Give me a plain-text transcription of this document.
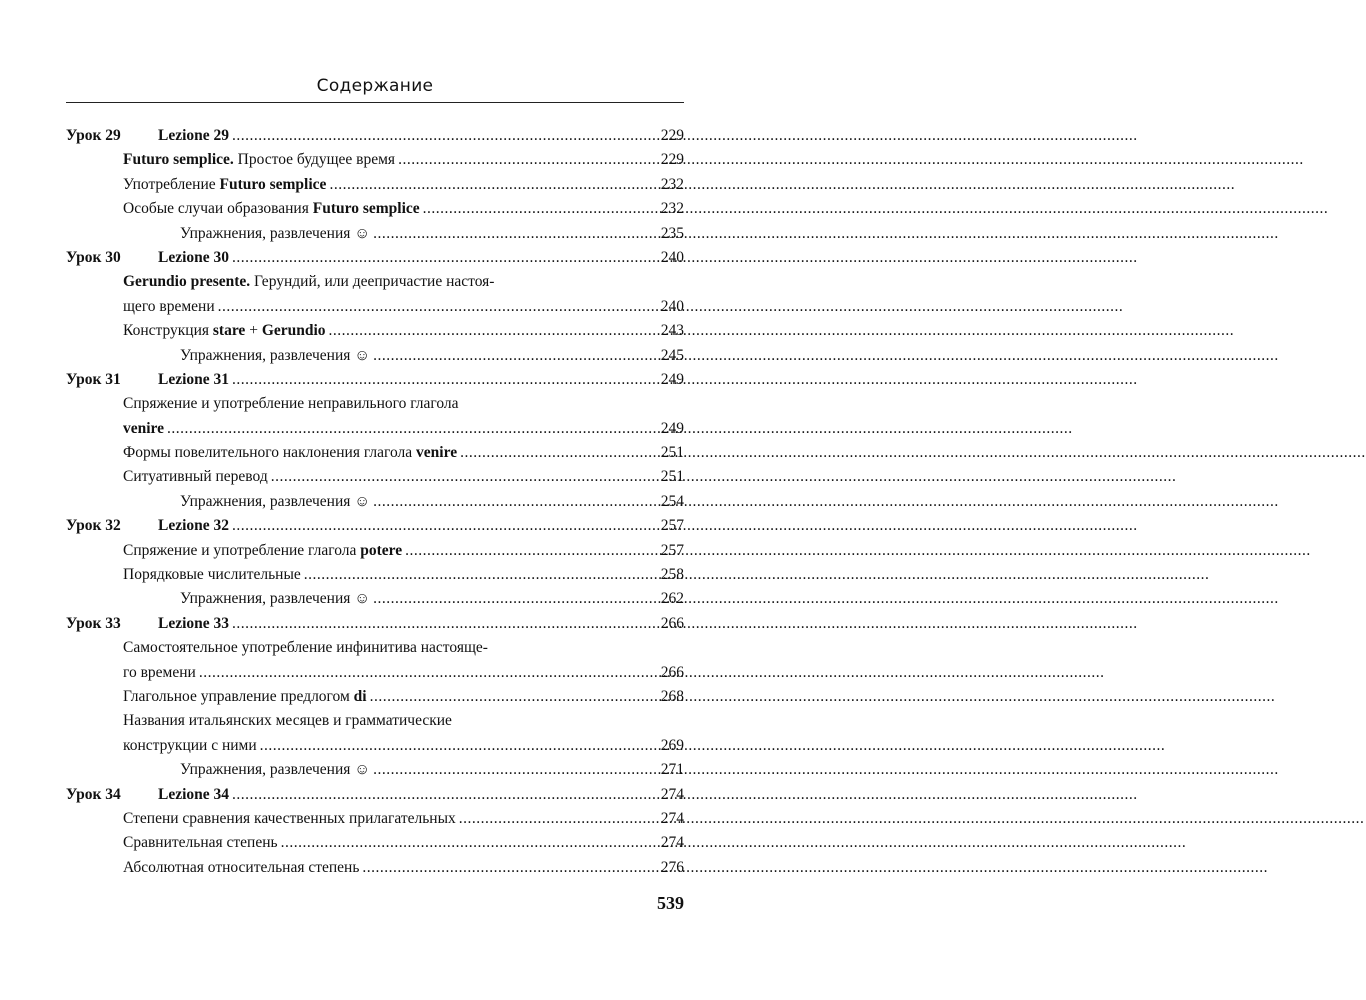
Содержание
Урок 29 Lezione 29 .....	229
Futuro semplice. Простое будущее время .....	229
Употребление Futuro semplice .....	232
Особые случаи образования Futuro semplice .....	232
Упражнения, развлечения ☺ .....	235
Урок 30 Lezione 30 .....	240
Gerundio presente. Герундий, или деепричастие настоя-
щего времени .....	240
Конструкция stare + Gerundio .....	243
Упражнения, развлечения ☺ .....	245
Урок 31 Lezione 31 .....	249
Спряжение и употребление неправильного глагола
venire .....	249
Формы повелительного наклонения глагола venire .....	251
Ситуативный перевод .....	251
Упражнения, развлечения ☺ .....	254
Урок 32 Lezione 32 .....	257
Спряжение и употребление глагола potere .....	257
Порядковые числительные .....	258
Упражнения, развлечения ☺ .....	262
Урок 33 Lezione 33 .....	266
Самостоятельное употребление инфинитива настояще-
го времени .....	266
Глагольное управление предлогом di .....	268
Названия итальянских месяцев и грамматические
конструкции с ними .....	269
Упражнения, развлечения ☺ .....	271
Урок 34 Lezione 34 .....	274
Степени сравнения качественных прилагательных .....	274
Сравнительная степень .....	274
Абсолютная относительная степень .....	276
539
